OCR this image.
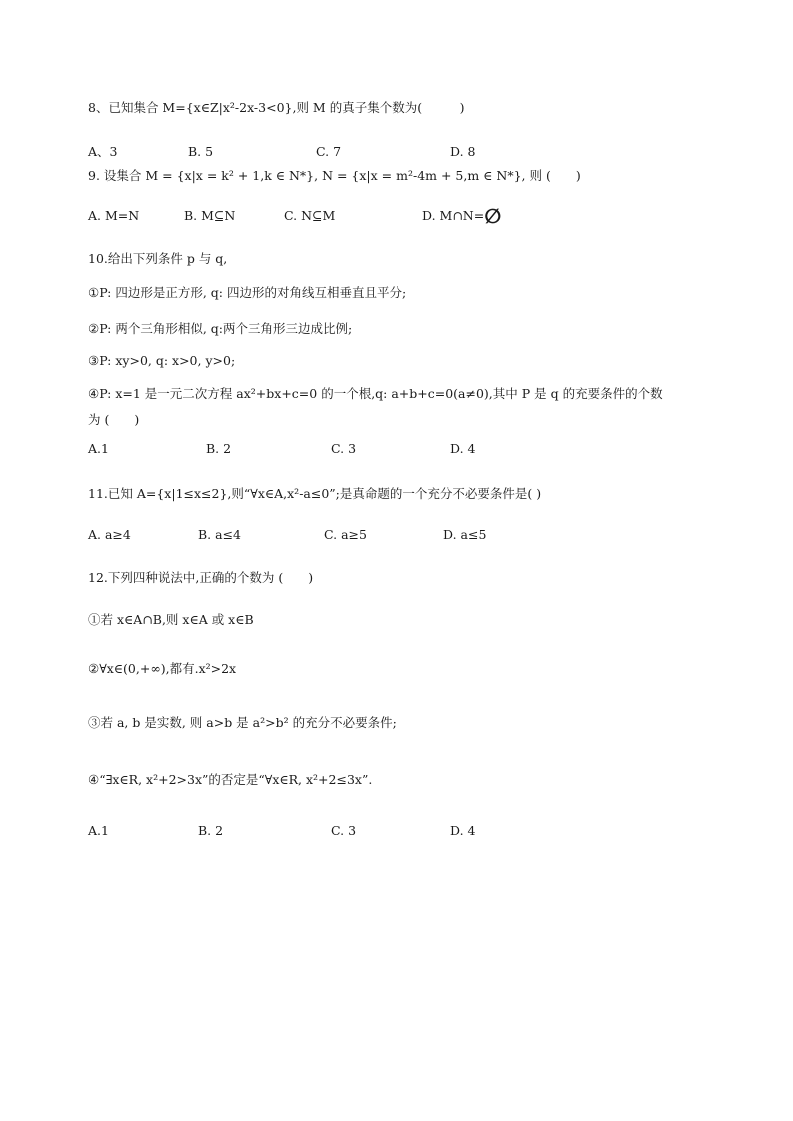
8、已知集合 M={x∈Z|x²-2x-3<0},则 M 的真子集个数为(　　　)
A、3	B. 5	C. 7	D. 8
9. 设集合 M = {x|x = k² + 1,k ∈ N*}, N = {x|x = m²-4m + 5,m ∈ N*}, 则 (　　)
A. M=N	B. M⊆N	C. N⊆M	D. M∩N=∅
10.给出下列条件 p 与 q,
①P: 四边形是正方形, q: 四边形的对角线互相垂直且平分;
②P: 两个三角形相似, q:两个三角形三边成比例;
③P: xy>0, q: x>0, y>0;
④P: x=1 是一元二次方程 ax²+bx+c=0 的一个根,q: a+b+c=0(a≠0),其中 P 是 q 的充要条件的个数
为 (　　)
A.1	B. 2	C. 3	D. 4
11.已知 A={x|1≤x≤2},则“∀x∈A,x²-a≤0”;是真命题的一个充分不必要条件是( )
A. a≥4	B. a≤4	C. a≥5	D. a≤5
12.下列四种说法中,正确的个数为 (　　)
①若 x∈A∩B,则 x∈A 或 x∈B
②∀x∈(0,+∞),都有.x²>2x
③若 a, b 是实数, 则 a>b 是 a²>b² 的充分不必要条件;
④“∃x∈R, x²+2>3x”的否定是“∀x∈R, x²+2≤3x”.
A.1	B. 2	C. 3	D. 4
